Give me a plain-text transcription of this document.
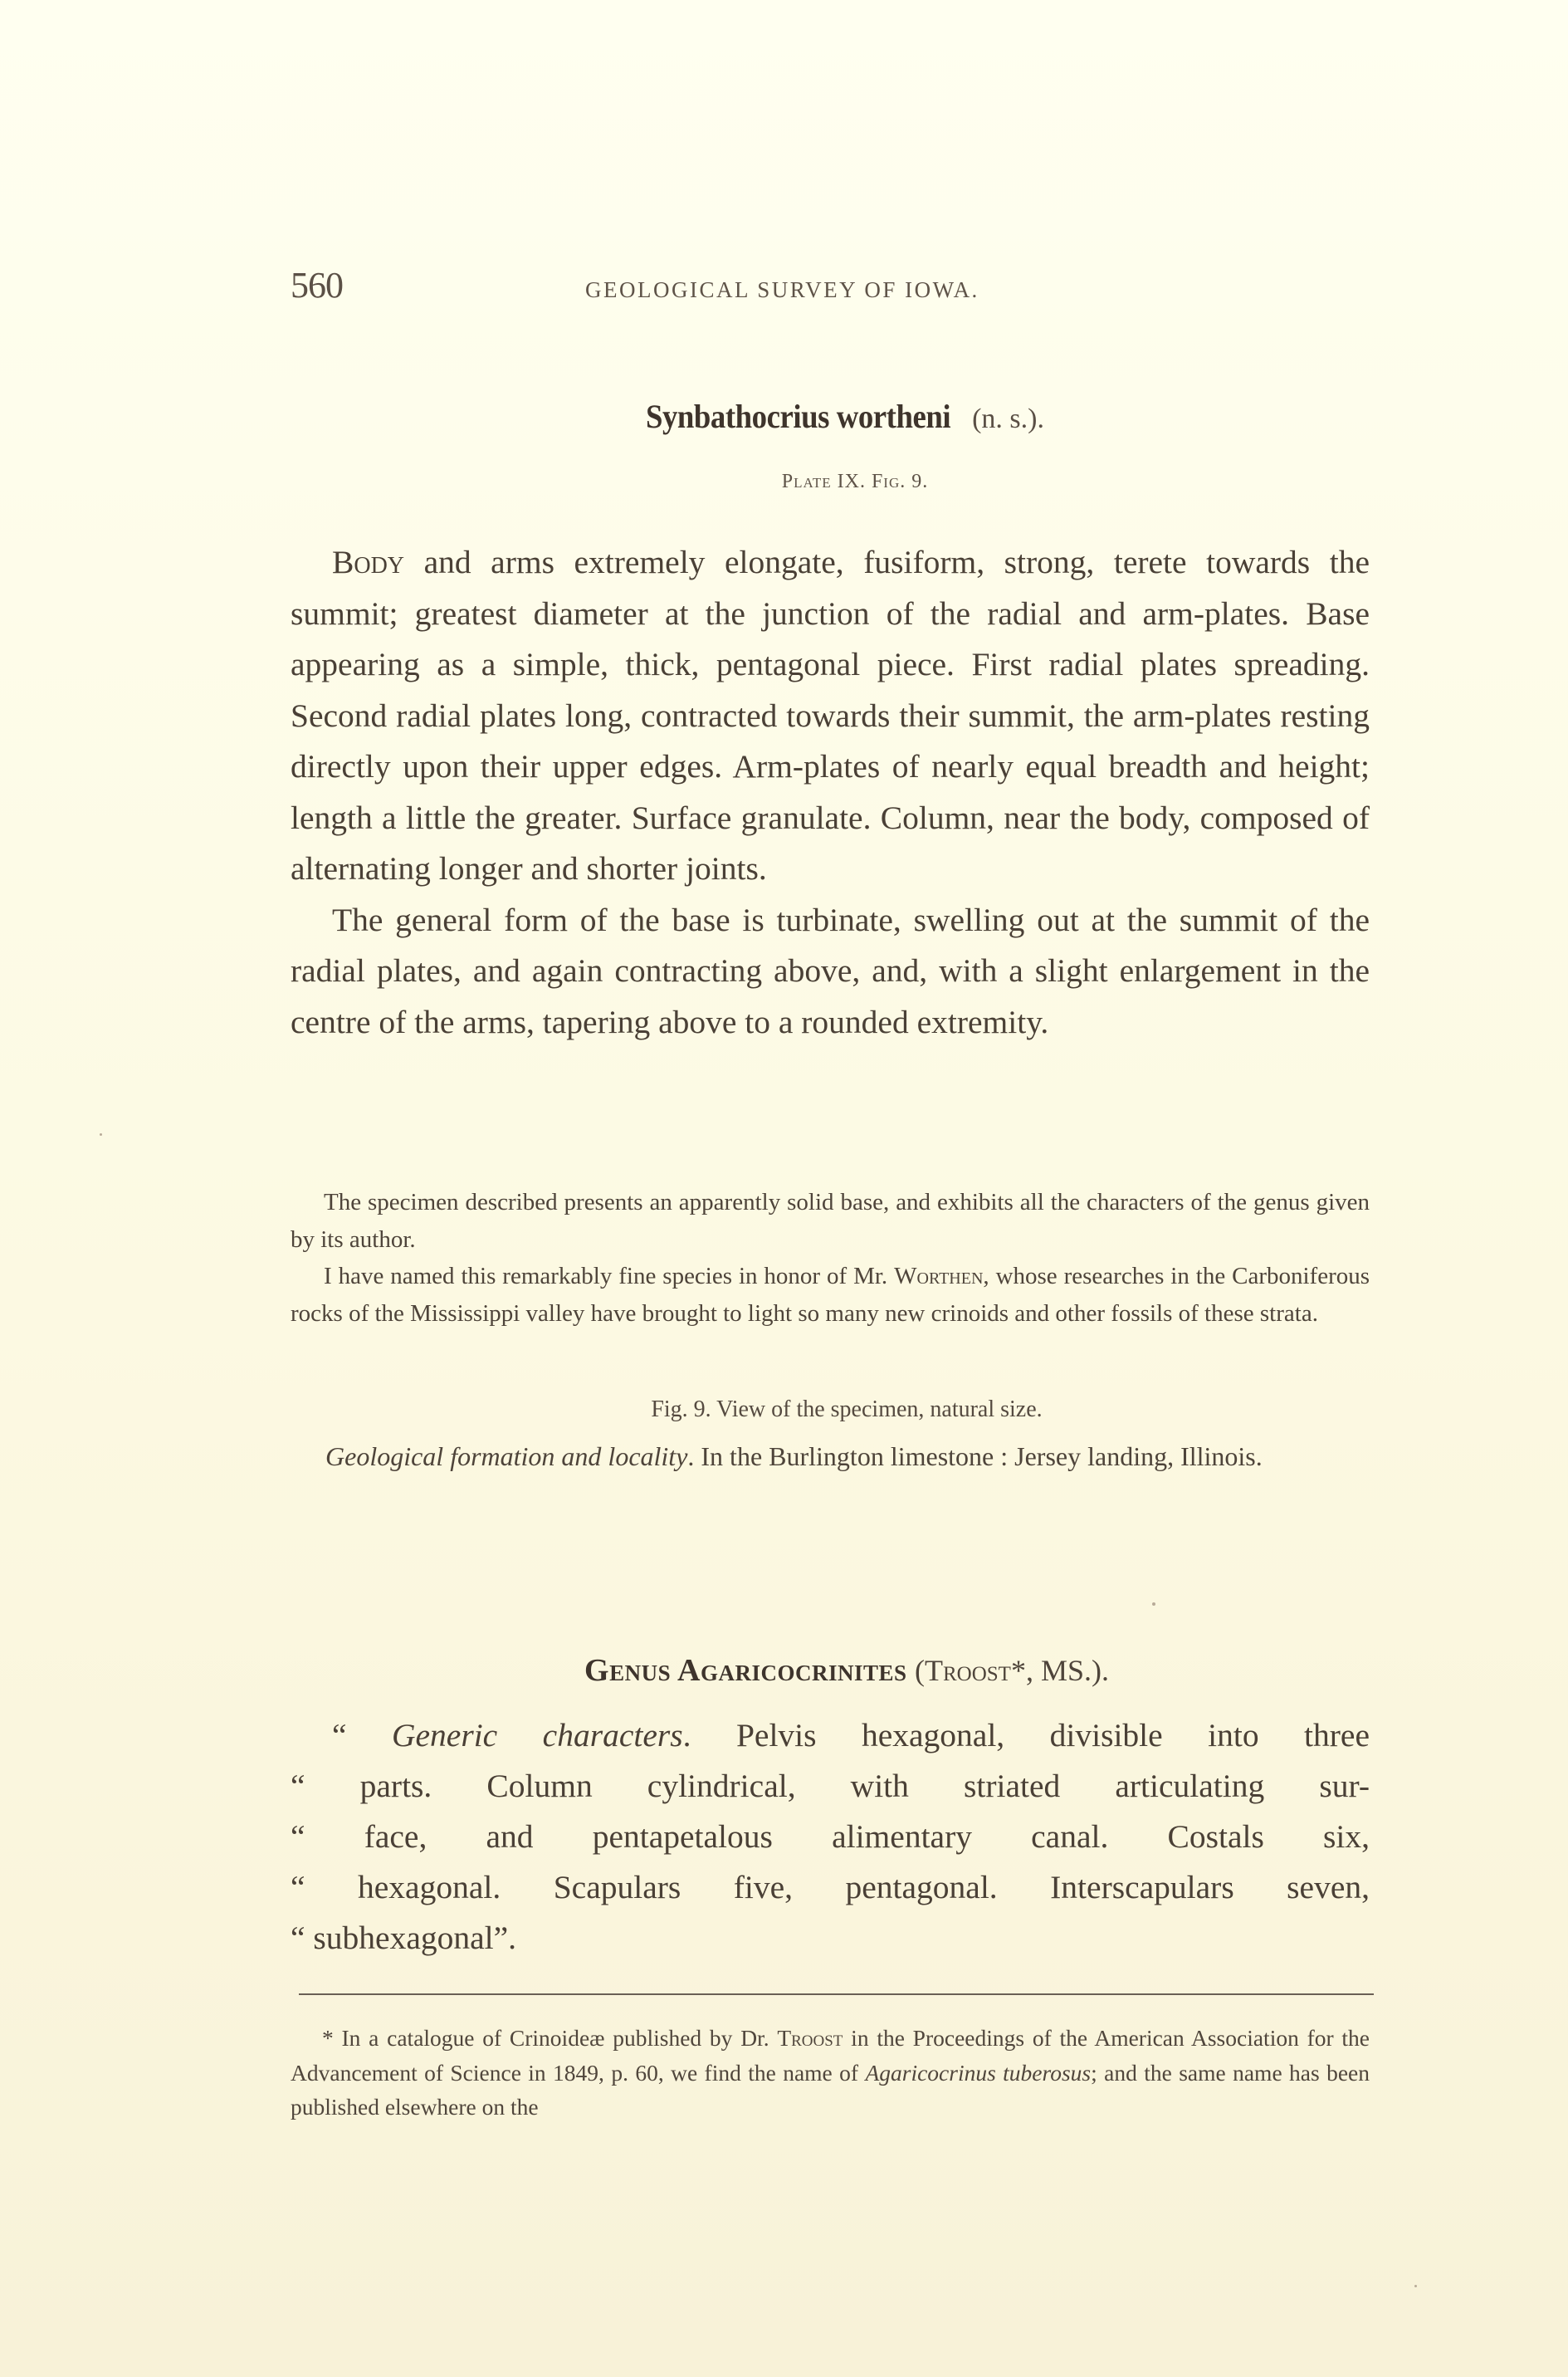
560	GEOLOGICAL SURVEY OF IOWA.
Synbathocrius wortheni (n. s.).
Plate IX. Fig. 9.

Body and arms extremely elongate, fusiform, strong, terete towards the summit; greatest diameter at the junction of the radial and arm-plates. Base appearing as a simple, thick, pentagonal piece. First radial plates spreading. Second radial plates long, contracted towards their summit, the arm-plates resting directly upon their upper edges. Arm-plates of nearly equal breadth and height; length a little the greater. Surface granulate. Column, near the body, composed of alternating longer and shorter joints.

The general form of the base is turbinate, swelling out at the summit of the radial plates, and again contracting above, and, with a slight enlargement in the centre of the arms, tapering above to a rounded extremity.

The specimen described presents an apparently solid base, and exhibits all the characters of the genus given by its author.

I have named this remarkably fine species in honor of Mr. Worthen, whose researches in the Carboniferous rocks of the Mississippi valley have brought to light so many new crinoids and other fossils of these strata.

Fig. 9. View of the specimen, natural size.

Geological formation and locality. In the Burlington limestone : Jersey landing, Illinois.

Genus Agaricocrinites (Troost*, MS.).
“ Generic characters. Pelvis hexagonal, divisible into three
“ parts. Column cylindrical, with striated articulating sur-
“ face, and pentapetalous alimentary canal. Costals six,
“ hexagonal. Scapulars five, pentagonal. Interscapulars seven,
“ subhexagonal”.

* In a catalogue of Crinoideæ published by Dr. Troost in the Proceedings of the American Association for the Advancement of Science in 1849, p. 60, we find the name of Agaricocrinus tuberosus; and the same name has been published elsewhere on the
